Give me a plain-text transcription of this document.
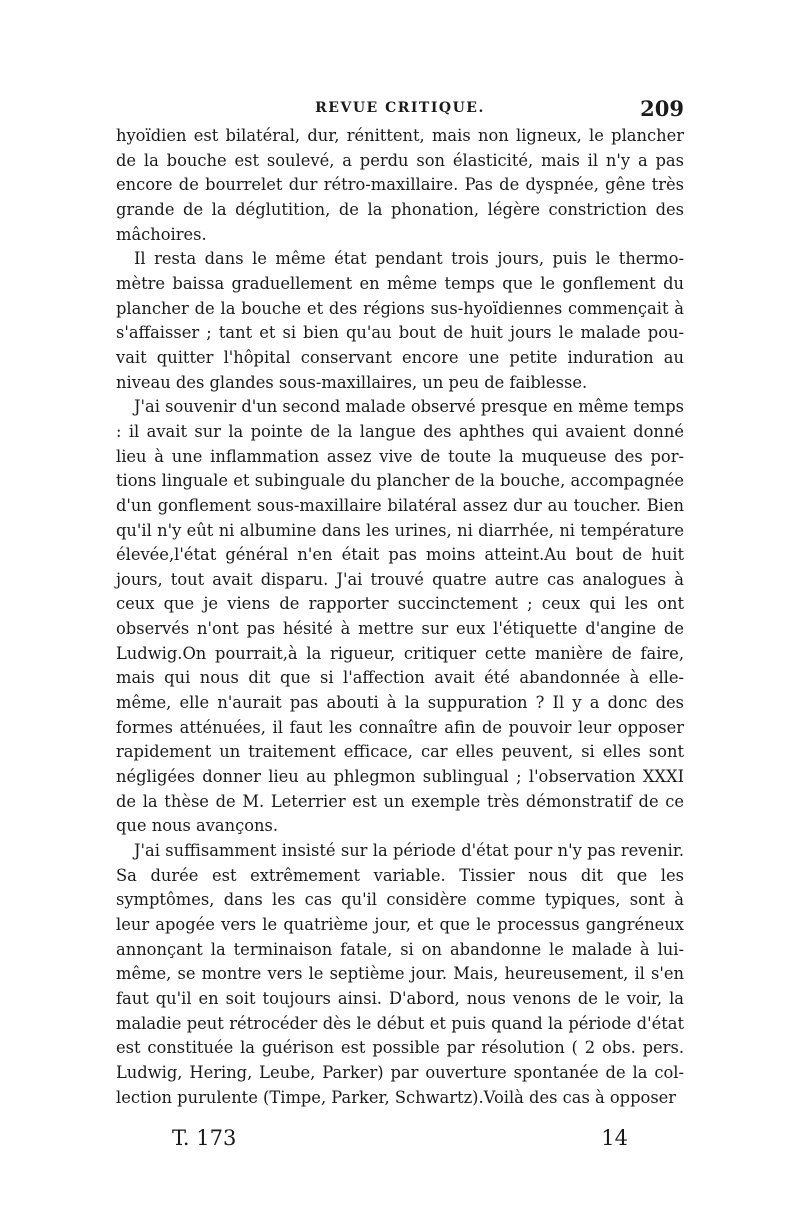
REVUE CRITIQUE.	209

hyoïdien est bilatéral, dur, rénittent, mais non ligneux, le plancher de la bouche est soulevé, a perdu son élasticité, mais il n'y a pas encore de bourrelet dur rétro-maxillaire. Pas de dyspnée, gêne très grande de la déglutition, de la phonation, légère constriction des mâchoires.

Il resta dans le même état pendant trois jours, puis le thermomètre baissa graduellement en même temps que le gonflement du plancher de la bouche et des régions sus-hyoïdiennes commençait à s'affaisser ; tant et si bien qu'au bout de huit jours le malade pouvait quitter l'hôpital conservant encore une petite induration au niveau des glandes sous-maxillaires, un peu de faiblesse.

J'ai souvenir d'un second malade observé presque en même temps : il avait sur la pointe de la langue des aphthes qui avaient donné lieu à une inflammation assez vive de toute la muqueuse des portions linguale et subinguale du plancher de la bouche, accompagnée d'un gonflement sous-maxillaire bilatéral assez dur au toucher. Bien qu'il n'y eût ni albumine dans les urines, ni diarrhée, ni température élevée,l'état général n'en était pas moins atteint.Au bout de huit jours, tout avait disparu. J'ai trouvé quatre autre cas analogues à ceux que je viens de rapporter succinctement ; ceux qui les ont observés n'ont pas hésité à mettre sur eux l'étiquette d'angine de Ludwig.On pourrait,à la rigueur, critiquer cette manière de faire, mais qui nous dit que si l'affection avait été abandonnée à elle-même, elle n'aurait pas abouti à la suppuration ? Il y a donc des formes atténuées, il faut les connaître afin de pouvoir leur opposer rapidement un traitement efficace, car elles peuvent, si elles sont négligées donner lieu au phlegmon sublingual ; l'observation XXXI de la thèse de M. Leterrier est un exemple très démonstratif de ce que nous avançons.

J'ai suffisamment insisté sur la période d'état pour n'y pas revenir. Sa durée est extrêmement variable. Tissier nous dit que les symptômes, dans les cas qu'il considère comme typiques, sont à leur apogée vers le quatrième jour, et que le processus gangréneux annonçant la terminaison fatale, si on abandonne le malade à lui-même, se montre vers le septième jour. Mais, heureusement, il s'en faut qu'il en soit toujours ainsi. D'abord, nous venons de le voir, la maladie peut rétrocéder dès le début et puis quand la période d'état est constituée la guérison est possible par résolution ( 2 obs. pers. Ludwig, Hering, Leube, Parker) par ouverture spontanée de la collection purulente (Timpe, Parker, Schwartz).Voilà des cas à opposer

T. 173	14
